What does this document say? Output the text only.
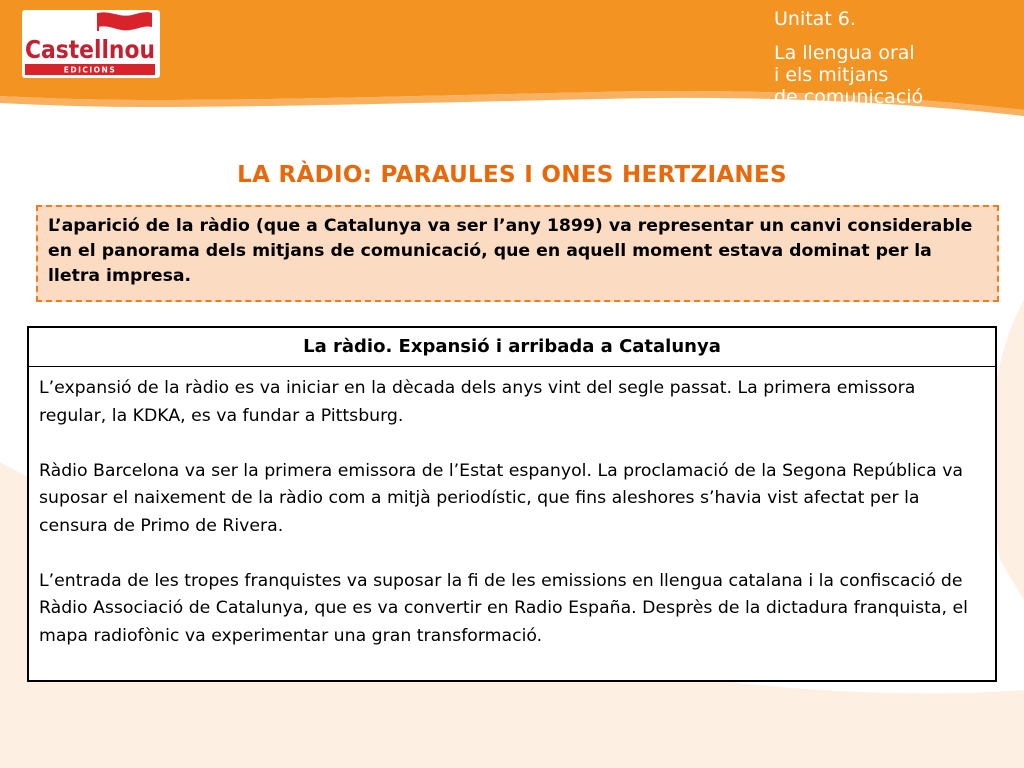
Castellnou
EDICIONS

Unitat 6.

La llengua oral
i els mitjans
de comunicació

LA RÀDIO: PARAULES I ONES HERTZIANES
L’aparició de la ràdio (que a Catalunya va ser l’any 1899) va representar un canvi considerable en el panorama dels mitjans de comunicació, que en aquell moment estava dominat per la lletra impresa.
La ràdio. Expansió i arribada a Catalunya

L’expansió de la ràdio es va iniciar en la dècada dels anys vint del segle passat. La primera emissora regular, la KDKA, es va fundar a Pittsburg.

Ràdio Barcelona va ser la primera emissora de l’Estat espanyol. La proclamació de la Segona República va suposar el naixement de la ràdio com a mitjà periodístic, que fins aleshores s’havia vist afectat per la censura de Primo de Rivera.

L’entrada de les tropes franquistes va suposar la fi de les emissions en llengua catalana i la confiscació de Ràdio Associació de Catalunya, que es va convertir en Radio España. Desprès de la dictadura franquista, el mapa radiofònic va experimentar una gran transformació.
